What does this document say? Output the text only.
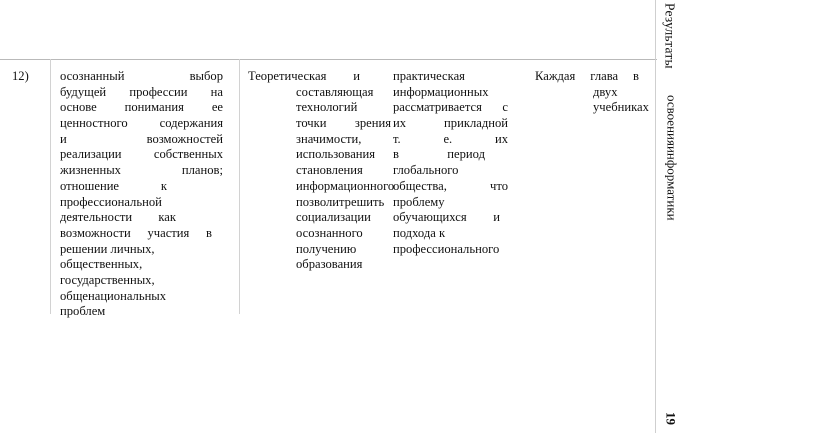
12) осознанный выбор
будущей профессии на
основе понимания ее
ценностного содержания
и возможностей
реализации собственных
жизненных планов;
отношение к
профессиональной
деятельности как
возможности участия в
решении личных,
общественных,
государственных,
общенациональных
проблем
Теоретическая и
составляющая
технологий
точки зрения
значимости,
использования
становления
информационного
позволитрешить
социализации
осознанного
получению
образования
практическая
информационных
рассматривается с
их прикладной
т. е. их
в период
глобального
общества, что
проблему
обучающихся и
подхода к
профессионального
Каждая глава в
двух
учебниках
Результаты
освоенияинформатики
19
